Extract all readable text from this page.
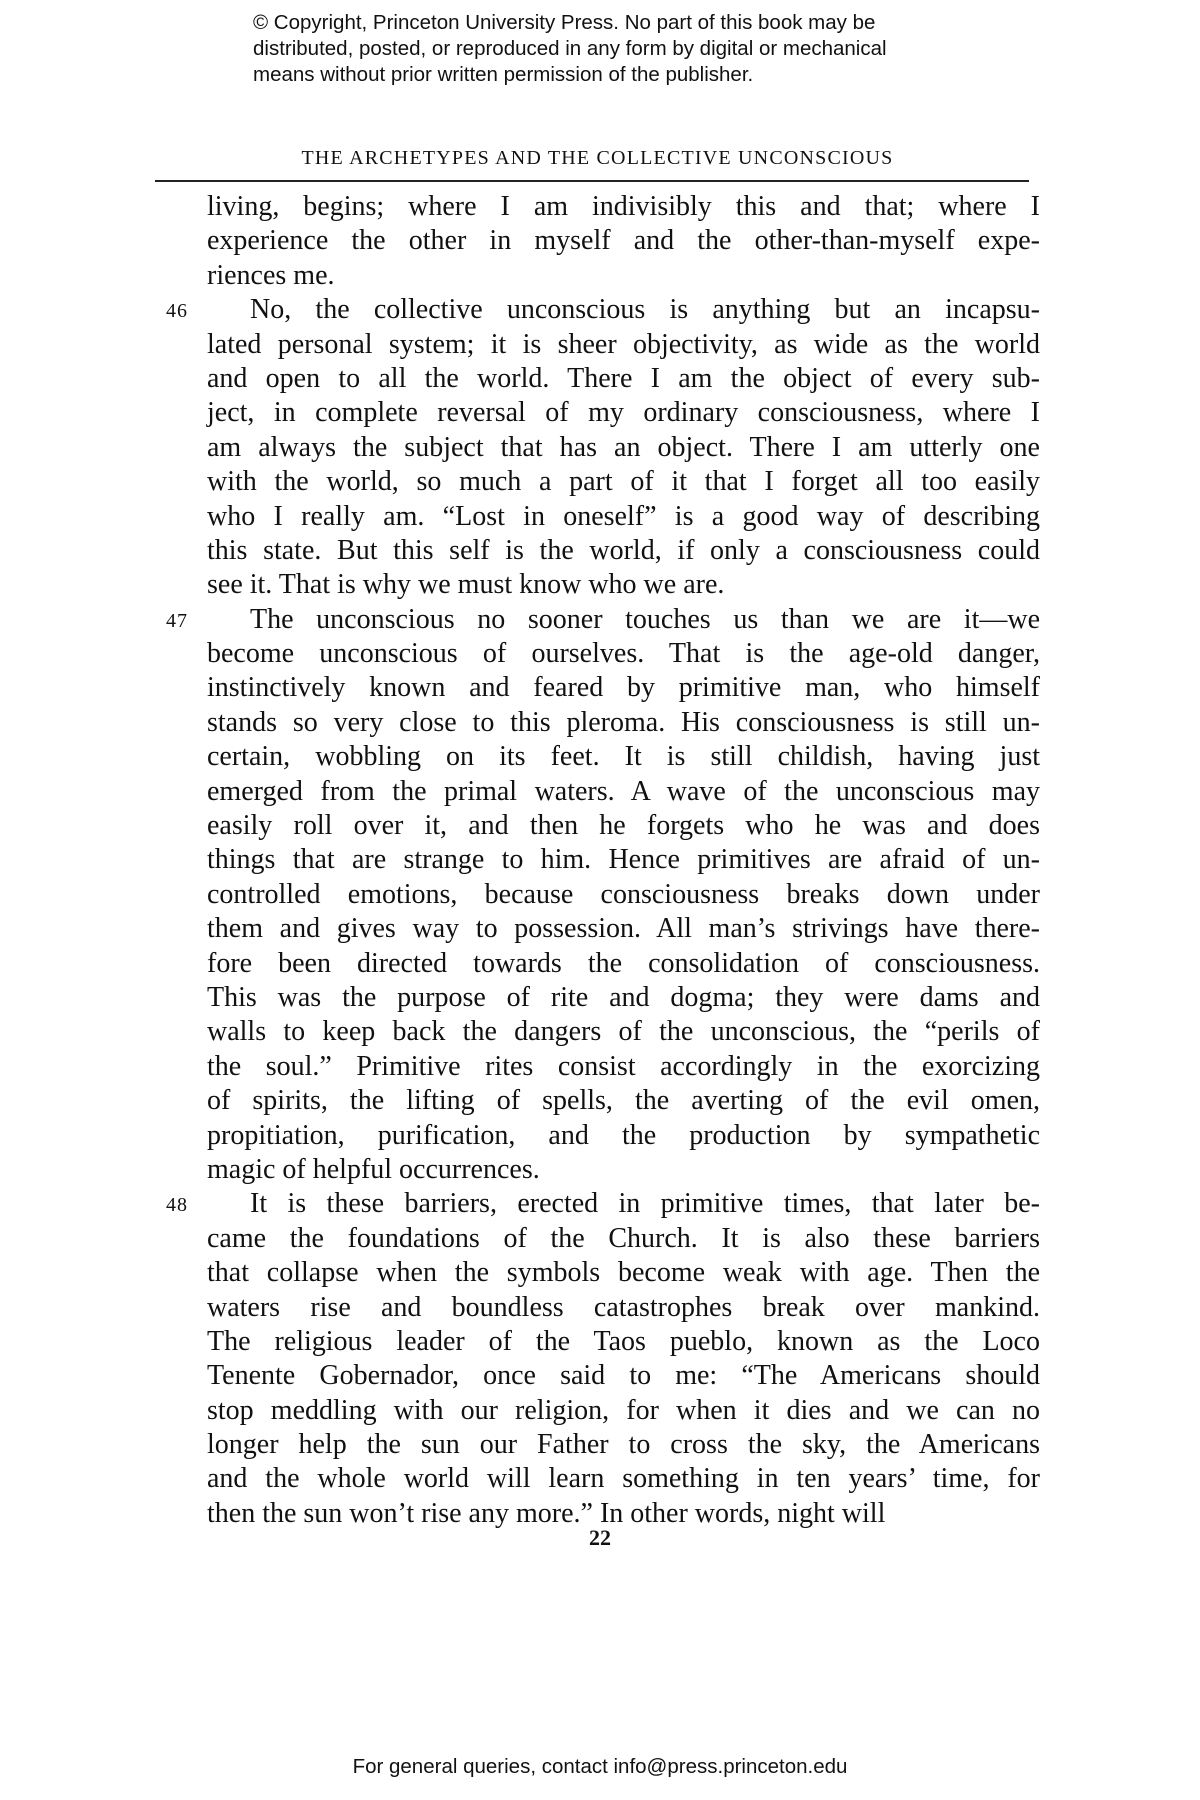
© Copyright, Princeton University Press. No part of this book may be
distributed, posted, or reproduced in any form by digital or mechanical
means without prior written permission of the publisher.
THE ARCHETYPES AND THE COLLECTIVE UNCONSCIOUS
living, begins; where I am indivisibly this and that; where I
experience the other in myself and the other-than-myself expe-
riences me.
46 No, the collective unconscious is anything but an incapsu-
lated personal system; it is sheer objectivity, as wide as the world
and open to all the world. There I am the object of every sub-
ject, in complete reversal of my ordinary consciousness, where I
am always the subject that has an object. There I am utterly one
with the world, so much a part of it that I forget all too easily
who I really am. “Lost in oneself” is a good way of describing
this state. But this self is the world, if only a consciousness could
see it. That is why we must know who we are.
47 The unconscious no sooner touches us than we are it—we
become unconscious of ourselves. That is the age-old danger,
instinctively known and feared by primitive man, who himself
stands so very close to this pleroma. His consciousness is still un-
certain, wobbling on its feet. It is still childish, having just
emerged from the primal waters. A wave of the unconscious may
easily roll over it, and then he forgets who he was and does
things that are strange to him. Hence primitives are afraid of un-
controlled emotions, because consciousness breaks down under
them and gives way to possession. All man’s strivings have there-
fore been directed towards the consolidation of consciousness.
This was the purpose of rite and dogma; they were dams and
walls to keep back the dangers of the unconscious, the “perils of
the soul.” Primitive rites consist accordingly in the exorcizing
of spirits, the lifting of spells, the averting of the evil omen,
propitiation, purification, and the production by sympathetic
magic of helpful occurrences.
48 It is these barriers, erected in primitive times, that later be-
came the foundations of the Church. It is also these barriers
that collapse when the symbols become weak with age. Then the
waters rise and boundless catastrophes break over mankind.
The religious leader of the Taos pueblo, known as the Loco
Tenente Gobernador, once said to me: “The Americans should
stop meddling with our religion, for when it dies and we can no
longer help the sun our Father to cross the sky, the Americans
and the whole world will learn something in ten years’ time, for
then the sun won’t rise any more.” In other words, night will
22
For general queries, contact info@press.princeton.edu
